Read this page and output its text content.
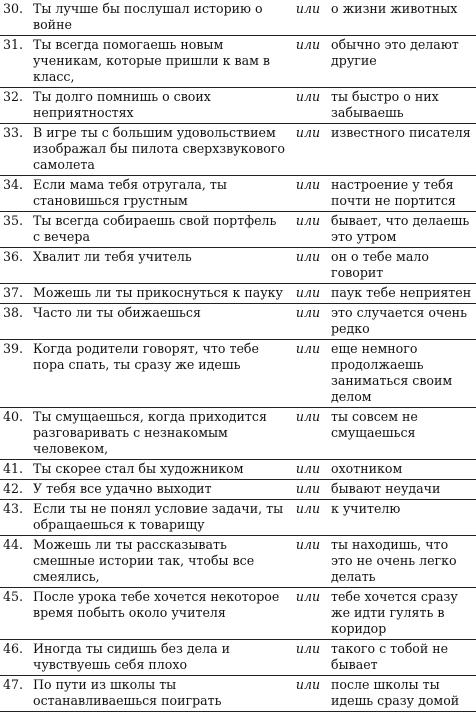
30.	Ты лучше бы послушал историю о войне	или	о жизни животных
31.	Ты всегда помогаешь новым ученикам, которые пришли к вам в класс,	или	обычно это делают другие
32.	Ты долго помнишь о своих неприятностях	или	ты быстро о них забываешь
33.	В игре ты с большим удовольствием изображал бы пилота сверхзвукового самолета	или	известного писателя
34.	Если мама тебя отругала, ты становишься грустным	или	настроение у тебя почти не портится
35.	Ты всегда собираешь свой портфель с вечера	или	бывает, что делаешь это утром
36.	Хвалит ли тебя учитель	или	он о тебе мало говорит
37.	Можешь ли ты прикоснуться к пауку	или	паук тебе неприятен
38.	Часто ли ты обижаешься	или	это случается очень редко
39.	Когда родители говорят, что тебе пора спать, ты сразу же идешь	или	еще немного продолжаешь заниматься своим делом
40.	Ты смущаешься, когда приходится разговаривать с незнакомым человеком,	или	ты совсем не смущаешься
41.	Ты скорее стал бы художником	или	охотником
42.	У тебя все удачно выходит	или	бывают неудачи
43.	Если ты не понял условие задачи, ты обращаешься к товарищу	или	к учителю
44.	Можешь ли ты рассказывать смешные истории так, чтобы все смеялись,	или	ты находишь, что это не очень легко делать
45.	После урока тебе хочется некоторое время побыть около учителя	или	тебе хочется сразу же идти гулять в коридор
46.	Иногда ты сидишь без дела и чувствуешь себя плохо	или	такого с тобой не бывает
47.	По пути из школы ты останавливаешься поиграть	или	после школы ты идешь сразу домой
